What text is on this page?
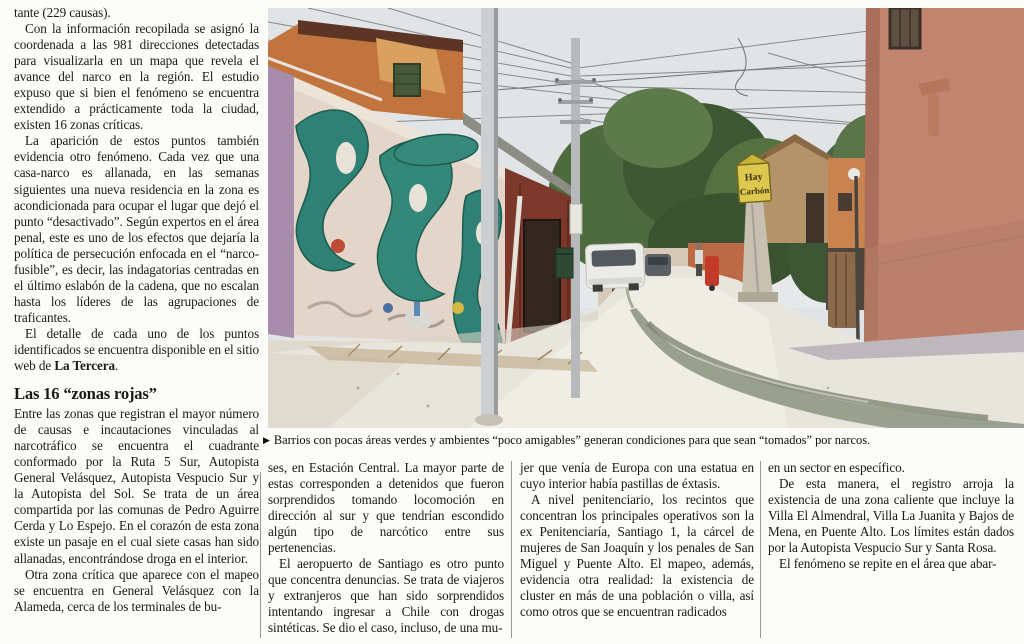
tante (229 causas).

Con la información recopilada se asignó la coordenada a las 981 direcciones detectadas para visualizarla en un mapa que revela el avance del narco en la región. El estudio expuso que si bien el fenómeno se encuentra extendido a prácticamente toda la ciudad, existen 16 zonas críticas.

La aparición de estos puntos también evidencia otro fenómeno. Cada vez que una casa-narco es allanada, en las semanas siguientes una nueva residencia en la zona es acondicionada para ocupar el lugar que dejó el punto “desactivado”. Según expertos en el área penal, este es uno de los efectos que dejaría la política de persecución enfocada en el “narco-fusible”, es decir, las indagatorias centradas en el último eslabón de la cadena, que no escalan hasta los líderes de las agrupaciones de traficantes.

El detalle de cada uno de los puntos identificados se encuentra disponible en el sitio web de La Tercera.

Las 16 “zonas rojas”

Entre las zonas que registran el mayor número de causas e incautaciones vinculadas al narcotráfico se encuentra el cuadrante conformado por la Ruta 5 Sur, Autopista General Velásquez, Autopista Vespucio Sur y la Autopista del Sol. Se trata de un área compartida por las comunas de Pedro Aguirre Cerda y Lo Espejo. En el corazón de esta zona existe un pasaje en el cual siete casas han sido allanadas, encontrándose droga en el interior.

Otra zona crítica que aparece con el mapeo se encuentra en General Velásquez con la Alameda, cerca de los terminales de bu-

Hay
Carbón
▶ Barrios con pocas áreas verdes y ambientes “poco amigables” generan condiciones para que sean “tomados” por narcos.

ses, en Estación Central. La mayor parte de estas corresponden a detenidos que fueron sorprendidos tomando locomoción en dirección al sur y que tendrían escondido algún tipo de narcótico entre sus pertenencias.

El aeropuerto de Santiago es otro punto que concentra denuncias. Se trata de viajeros y extranjeros que han sido sorprendidos intentando ingresar a Chile con drogas sintéticas. Se dio el caso, incluso, de una mu-

jer que venía de Europa con una estatua en cuyo interior había pastillas de éxtasis.

A nivel penitenciario, los recintos que concentran los principales operativos son la ex Penitenciaría, Santiago 1, la cárcel de mujeres de San Joaquín y los penales de San Miguel y Puente Alto. El mapeo, además, evidencia otra realidad: la existencia de cluster en más de una población o villa, así como otros que se encuentran radicados

en un sector en específico.

De esta manera, el registro arroja la existencia de una zona caliente que incluye la Villa El Almendral, Villa La Juanita y Bajos de Mena, en Puente Alto. Los límites están dados por la Autopista Vespucio Sur y Santa Rosa.

El fenómeno se repite en el área que abar-
